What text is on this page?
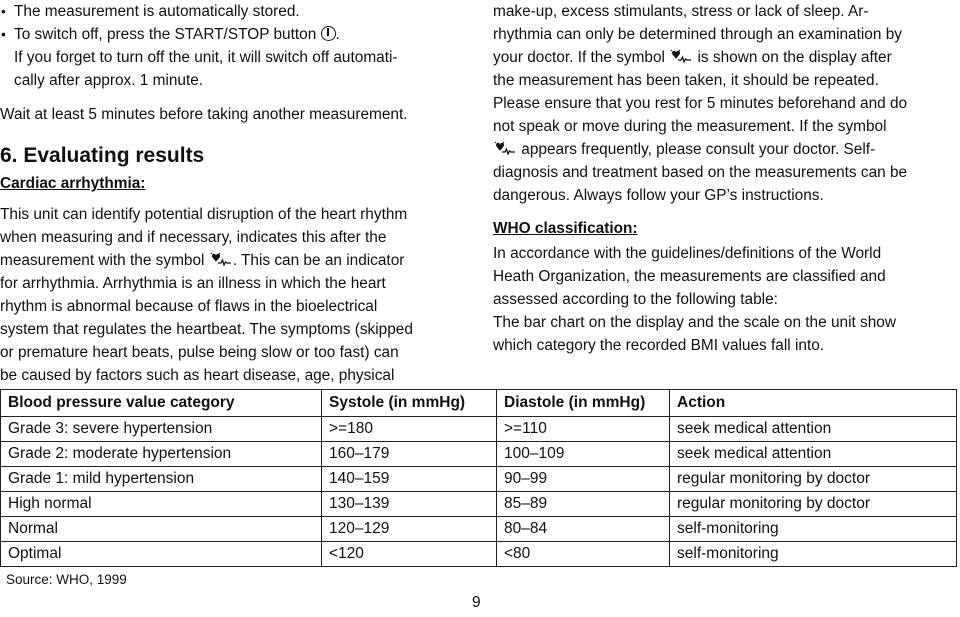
• The measurement is automatically stored.
• To switch off, press the START/STOP button .
If you forget to turn off the unit, it will switch off automati-
cally after approx. 1 minute.
Wait at least 5 minutes before taking another measurement.
6. Evaluating results
Cardiac arrhythmia:
This unit can identify potential disruption of the heart rhythm
when measuring and if necessary, indicates this after the
measurement with the symbol . This can be an indicator
for arrhythmia. Arrhythmia is an illness in which the heart
rhythm is abnormal because of flaws in the bioelectrical
system that regulates the heartbeat. The symptoms (skipped
or premature heart beats, pulse being slow or too fast) can
be caused by factors such as heart disease, age, physical
make-up, excess stimulants, stress or lack of sleep. Ar-
rhythmia can only be determined through an examination by
your doctor. If the symbol is shown on the display after
the measurement has been taken, it should be repeated.
Please ensure that you rest for 5 minutes beforehand and do
not speak or move during the measurement. If the symbol
appears frequently, please consult your doctor. Self-
diagnosis and treatment based on the measurements can be
dangerous. Always follow your GP’s instructions.
WHO classification:
In accordance with the guidelines/definitions of the World
Heath Organization, the measurements are classified and
assessed according to the following table:
The bar chart on the display and the scale on the unit show
which category the recorded BMI values fall into.
Blood pressure value category	Systole (in mmHg)	Diastole (in mmHg)	Action
Grade 3: severe hypertension	>=180	>=110	seek medical attention
Grade 2: moderate hypertension	160–179	100–109	seek medical attention
Grade 1: mild hypertension	140–159	90–99	regular monitoring by doctor
High normal	130–139	85–89	regular monitoring by doctor
Normal	120–129	80–84	self-monitoring
Optimal	<120	<80	self-monitoring
Source: WHO, 1999
9
